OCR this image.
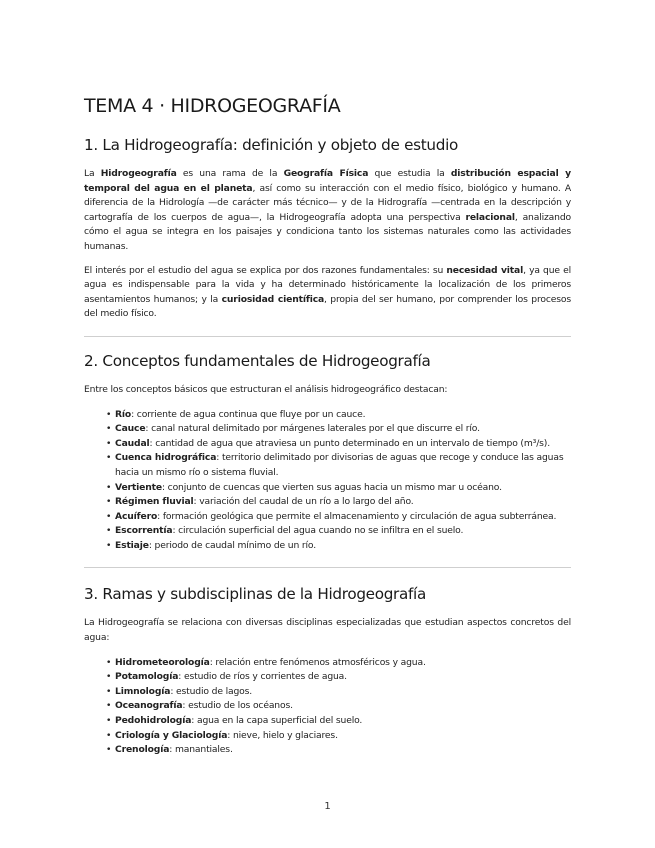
TEMA 4 · HIDROGEOGRAFÍA
1. La Hidrogeografía: definición y objeto de estudio

La Hidrogeografía es una rama de la Geografía Física que estudia la distribución espacial y temporal del agua en el planeta, así como su interacción con el medio físico, biológico y humano. A diferencia de la Hidrología —de carácter más técnico— y de la Hidrografía —centrada en la descripción y cartografía de los cuerpos de agua—, la Hidrogeografía adopta una perspectiva relacional, analizando cómo el agua se integra en los paisajes y condiciona tanto los sistemas naturales como las actividades humanas.

El interés por el estudio del agua se explica por dos razones fundamentales: su necesidad vital, ya que el agua es indispensable para la vida y ha determinado históricamente la localización de los primeros asentamientos humanos; y la curiosidad científica, propia del ser humano, por comprender los procesos del medio físico.

2. Conceptos fundamentales de Hidrogeografía

Entre los conceptos básicos que estructuran el análisis hidrogeográfico destacan:

• Río: corriente de agua continua que fluye por un cauce.
• Cauce: canal natural delimitado por márgenes laterales por el que discurre el río.
• Caudal: cantidad de agua que atraviesa un punto determinado en un intervalo de tiempo (m³/s).
• Cuenca hidrográfica: territorio delimitado por divisorias de aguas que recoge y conduce las aguas hacia un mismo río o sistema fluvial.
• Vertiente: conjunto de cuencas que vierten sus aguas hacia un mismo mar u océano.
• Régimen fluvial: variación del caudal de un río a lo largo del año.
• Acuífero: formación geológica que permite el almacenamiento y circulación de agua subterránea.
• Escorrentía: circulación superficial del agua cuando no se infiltra en el suelo.
• Estiaje: periodo de caudal mínimo de un río.
3. Ramas y subdisciplinas de la Hidrogeografía

La Hidrogeografía se relaciona con diversas disciplinas especializadas que estudian aspectos concretos del agua:

• Hidrometeorología: relación entre fenómenos atmosféricos y agua.
• Potamología: estudio de ríos y corrientes de agua.
• Limnología: estudio de lagos.
• Oceanografía: estudio de los océanos.
• Pedohidrología: agua en la capa superficial del suelo.
• Criología y Glaciología: nieve, hielo y glaciares.
• Crenología: manantiales.
1
